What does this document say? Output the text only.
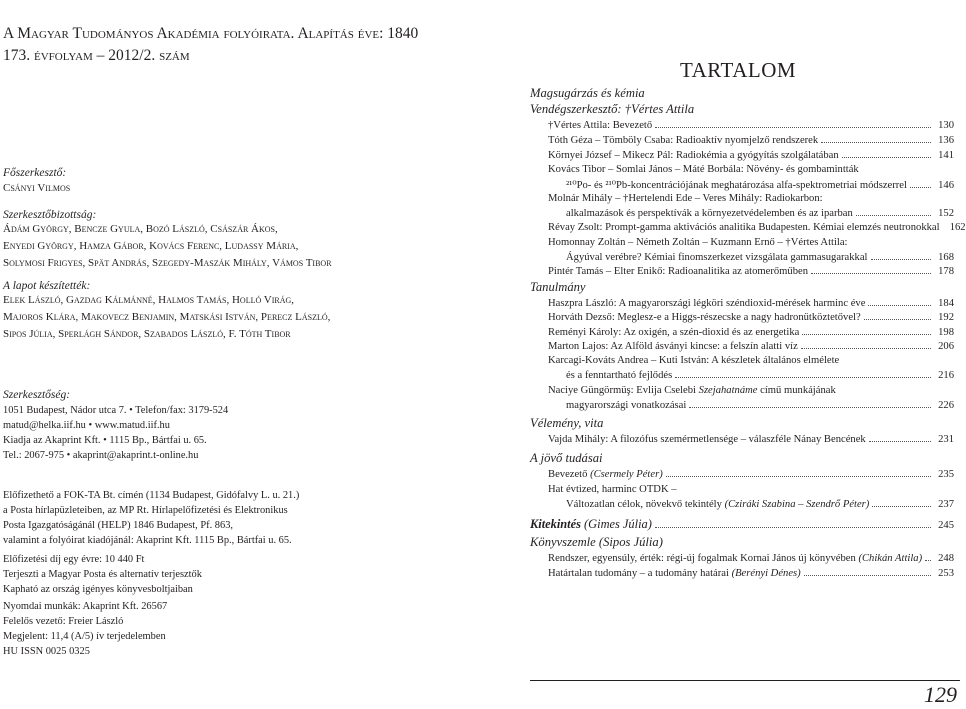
A Magyar Tudományos Akadémia folyóirata. Alapítás éve: 1840
173. évfolyam – 2012/2. szám
Főszerkesztő:
Csányi Vilmos
Szerkesztőbizottság:
Ádám György, Bencze Gyula, Bozó László, Császár Ákos,
Enyedi György, Hamza Gábor, Kovács Ferenc, Ludassy Mária,
Solymosi Frigyes, Spät András, Szegedy-Maszák Mihály, Vámos Tibor
A lapot készítették:
Elek László, Gazdag Kálmánné, Halmos Tamás, Holló Virág,
Majoros Klára, Makovecz Benjamin, Matskási István, Perecz László,
Sipos Júlia, Sperlágh Sándor, Szabados László, F. Tóth Tibor
Szerkesztőség:
1051 Budapest, Nádor utca 7. • Telefon/fax: 3179-524
matud@helka.iif.hu • www.matud.iif.hu
Kiadja az Akaprint Kft. • 1115 Bp., Bártfai u. 65.
Tel.: 2067-975 • akaprint@akaprint.t-online.hu
Előfizethető a FOK-TA Bt. címén (1134 Budapest, Gidófalvy L. u. 21.)
a Posta hírlapüzleteiben, az MP Rt. Hírlapelőfizetési és Elektronikus
Posta Igazgatóságánál (HELP) 1846 Budapest, Pf. 863,
valamint a folyóirat kiadójánál: Akaprint Kft. 1115 Bp., Bártfai u. 65.
Előfizetési díj egy évre: 10 440 Ft
Terjeszti a Magyar Posta és alternatív terjesztők
Kapható az ország igényes könyvesboltjaiban
Nyomdai munkák: Akaprint Kft. 26567
Felelős vezető: Freier László
Megjelent: 11,4 (A/5) ív terjedelemben
HU ISSN 0025 0325
TARTALOM
Magsugárzás és kémia
Vendégszerkesztő: †Vértes Attila
†Vértes Attila: Bevezető	130
Tóth Géza – Tömböly Csaba: Radioaktív nyomjelző rendszerek	136
Környei József – Mikecz Pál: Radiokémia a gyógyítás szolgálatában	141
Kovács Tibor – Somlai János – Máté Borbála: Növény- és gombamintták
²¹⁰Po- és ²¹⁰Pb-koncentrációjának meghatározása alfa-spektrometriai módszerrel	146
Molnár Mihály – †Hertelendi Ede – Veres Mihály: Radiokarbon:
alkalmazások és perspektívák a környezetvédelemben és az iparban	152
Révay Zsolt: Prompt-gamma aktivációs analitika Budapesten. Kémiai elemzés neutronokkal 162
Homonnay Zoltán – Németh Zoltán – Kuzmann Ernő – †Vértes Attila:
Ágyúval verébre? Kémiai finomszerkezet vizsgálata gammasugarakkal	168
Pintér Tamás – Elter Enikő: Radioanalitika az atomerőműben	178
Tanulmány
Haszpra László: A magyarországi légköri széndioxid-mérések harminc éve	184
Horváth Dezső: Meglesz-e a Higgs-részecske a nagy hadronütköztetővel?	192
Reményi Károly: Az oxigén, a szén-dioxid és az energetika	198
Marton Lajos: Az Alföld ásványi kincse: a felszín alatti víz	206
Karcagi-Kováts Andrea – Kuti István: A készletek általános elmélete
és a fenntartható fejlődés	216
Naciye Güngörmüş: Evlija Cselebi Szejahatnáme című munkájának
magyarországi vonatkozásai	226
Vélemény, vita
Vajda Mihály: A filozófus szemérmetlensége – válaszféle Nánay Bencének	231
A jövő tudásai
Bevezető (Csermely Péter)	235
Hat évtized, harminc OTDK –
Változatlan célok, növekvő tekintély (Cziráki Szabina – Szendrő Péter)	237
Kitekintés (Gimes Júlia)	245
Könyvszemle (Sipos Júlia)
Rendszer, egyensúly, érték: régi-új fogalmak Kornai János új könyvében (Chikán Attila)	248
Határtalan tudomány – a tudomány határai (Berényi Dénes)	253
129
